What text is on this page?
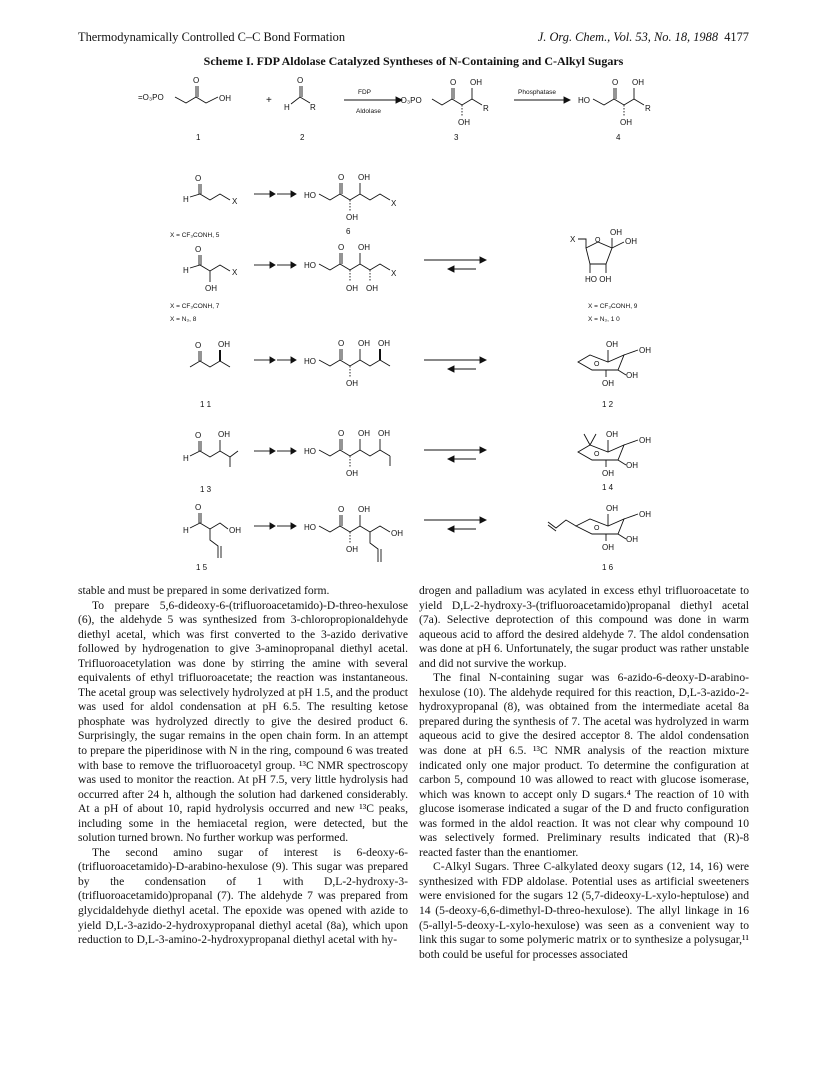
Thermodynamically Controlled C–C Bond Formation	J. Org. Chem., Vol. 53, No. 18, 1988 4177
Scheme I. FDP Aldolase Catalyzed Syntheses of N-Containing and C-Alkyl Sugars
=O₃PO
O
OH
1
+
H
O
R
2
FDP
Aldolase
=O₃PO
O OH
OH
R
3
Phosphatase
HO
O OH
OH
R
4
O
H	X
X = CF₃CONH, 5
HO
O OH
OH
X
6
O
H
OH
X
X = CF₃CONH, 7
X = N₃, 8
HO
O OH
OH OH
X
X	O
OH
OH
HO OH
X = CF₃CONH, 9
X = N₃, 1 0
O OH
1 1
HO
O OH OH
OH
O
OH
OH
OH
OH
1 2
O
H
OH
1 3
HO
O OH OH
OH
O
OH
OH
OH
OH
1 4
O
H	OH
1 5
HO
OH
O OH
OH
O
OH
OH
OH
OH
1 6

stable and must be prepared in some derivatized form.

To prepare 5,6-dideoxy-6-(trifluoroacetamido)-D-threo-hexulose (6), the aldehyde 5 was synthesized from 3-chloropropionaldehyde diethyl acetal, which was first converted to the 3-azido derivative followed by hydrogenation to give 3-aminopropanal diethyl acetal. Trifluoroacetylation was done by stirring the amine with several equivalents of ethyl trifluoroacetate; the reaction was instantaneous. The acetal group was selectively hydrolyzed at pH 1.5, and the product was used for aldol condensation at pH 6.5. The resulting ketose phosphate was hydrolyzed directly to give the desired product 6. Surprisingly, the sugar remains in the open chain form. In an attempt to prepare the piperidinose with N in the ring, compound 6 was treated with base to remove the trifluoroacetyl group. ¹³C NMR spectroscopy was used to monitor the reaction. At pH 7.5, very little hydrolysis had occurred after 24 h, although the solution had darkened considerably. At a pH of about 10, rapid hydrolysis occurred and new ¹³C peaks, including some in the hemiacetal region, were detected, but the solution turned brown. No further workup was performed.

The second amino sugar of interest is 6-deoxy-6-(trifluoroacetamido)-D-arabino-hexulose (9). This sugar was prepared by the condensation of 1 with D,L-2-hydroxy-3-(trifluoroacetamido)propanal (7). The aldehyde 7 was prepared from glycidaldehyde diethyl acetal. The epoxide was opened with azide to yield D,L-3-azido-2-hydroxypropanal diethyl acetal (8a), which upon reduction to D,L-3-amino-2-hydroxypropanal diethyl acetal with hy-

drogen and palladium was acylated in excess ethyl trifluoroacetate to yield D,L-2-hydroxy-3-(trifluoroacetamido)propanal diethyl acetal (7a). Selective deprotection of this compound was done in warm aqueous acid to afford the desired aldehyde 7. The aldol condensation was done at pH 6. Unfortunately, the sugar product was rather unstable and did not survive the workup.

The final N-containing sugar was 6-azido-6-deoxy-D-arabino-hexulose (10). The aldehyde required for this reaction, D,L-3-azido-2-hydroxypropanal (8), was obtained from the intermediate acetal 8a prepared during the synthesis of 7. The acetal was hydrolyzed in warm aqueous acid to give the desired acceptor 8. The aldol condensation was done at pH 6.5. ¹³C NMR analysis of the reaction mixture indicated only one major product. To determine the configuration at carbon 5, compound 10 was allowed to react with glucose isomerase, which was known to accept only D sugars.⁴ The reaction of 10 with glucose isomerase indicated a sugar of the D and fructo configuration was formed in the aldol reaction. It was not clear why compound 10 was selectively formed. Preliminary results indicated that (R)-8 reacted faster than the enantiomer.

C-Alkyl Sugars. Three C-alkylated deoxy sugars (12, 14, 16) were synthesized with FDP aldolase. Potential uses as artificial sweeteners were envisioned for the sugars 12 (5,7-dideoxy-L-xylo-heptulose) and 14 (5-deoxy-6,6-dimethyl-D-threo-hexulose). The allyl linkage in 16 (5-allyl-5-deoxy-L-xylo-hexulose) was seen as a convenient way to link this sugar to some polymeric matrix or to synthesize a polysugar,¹¹ both could be useful for processes associated
